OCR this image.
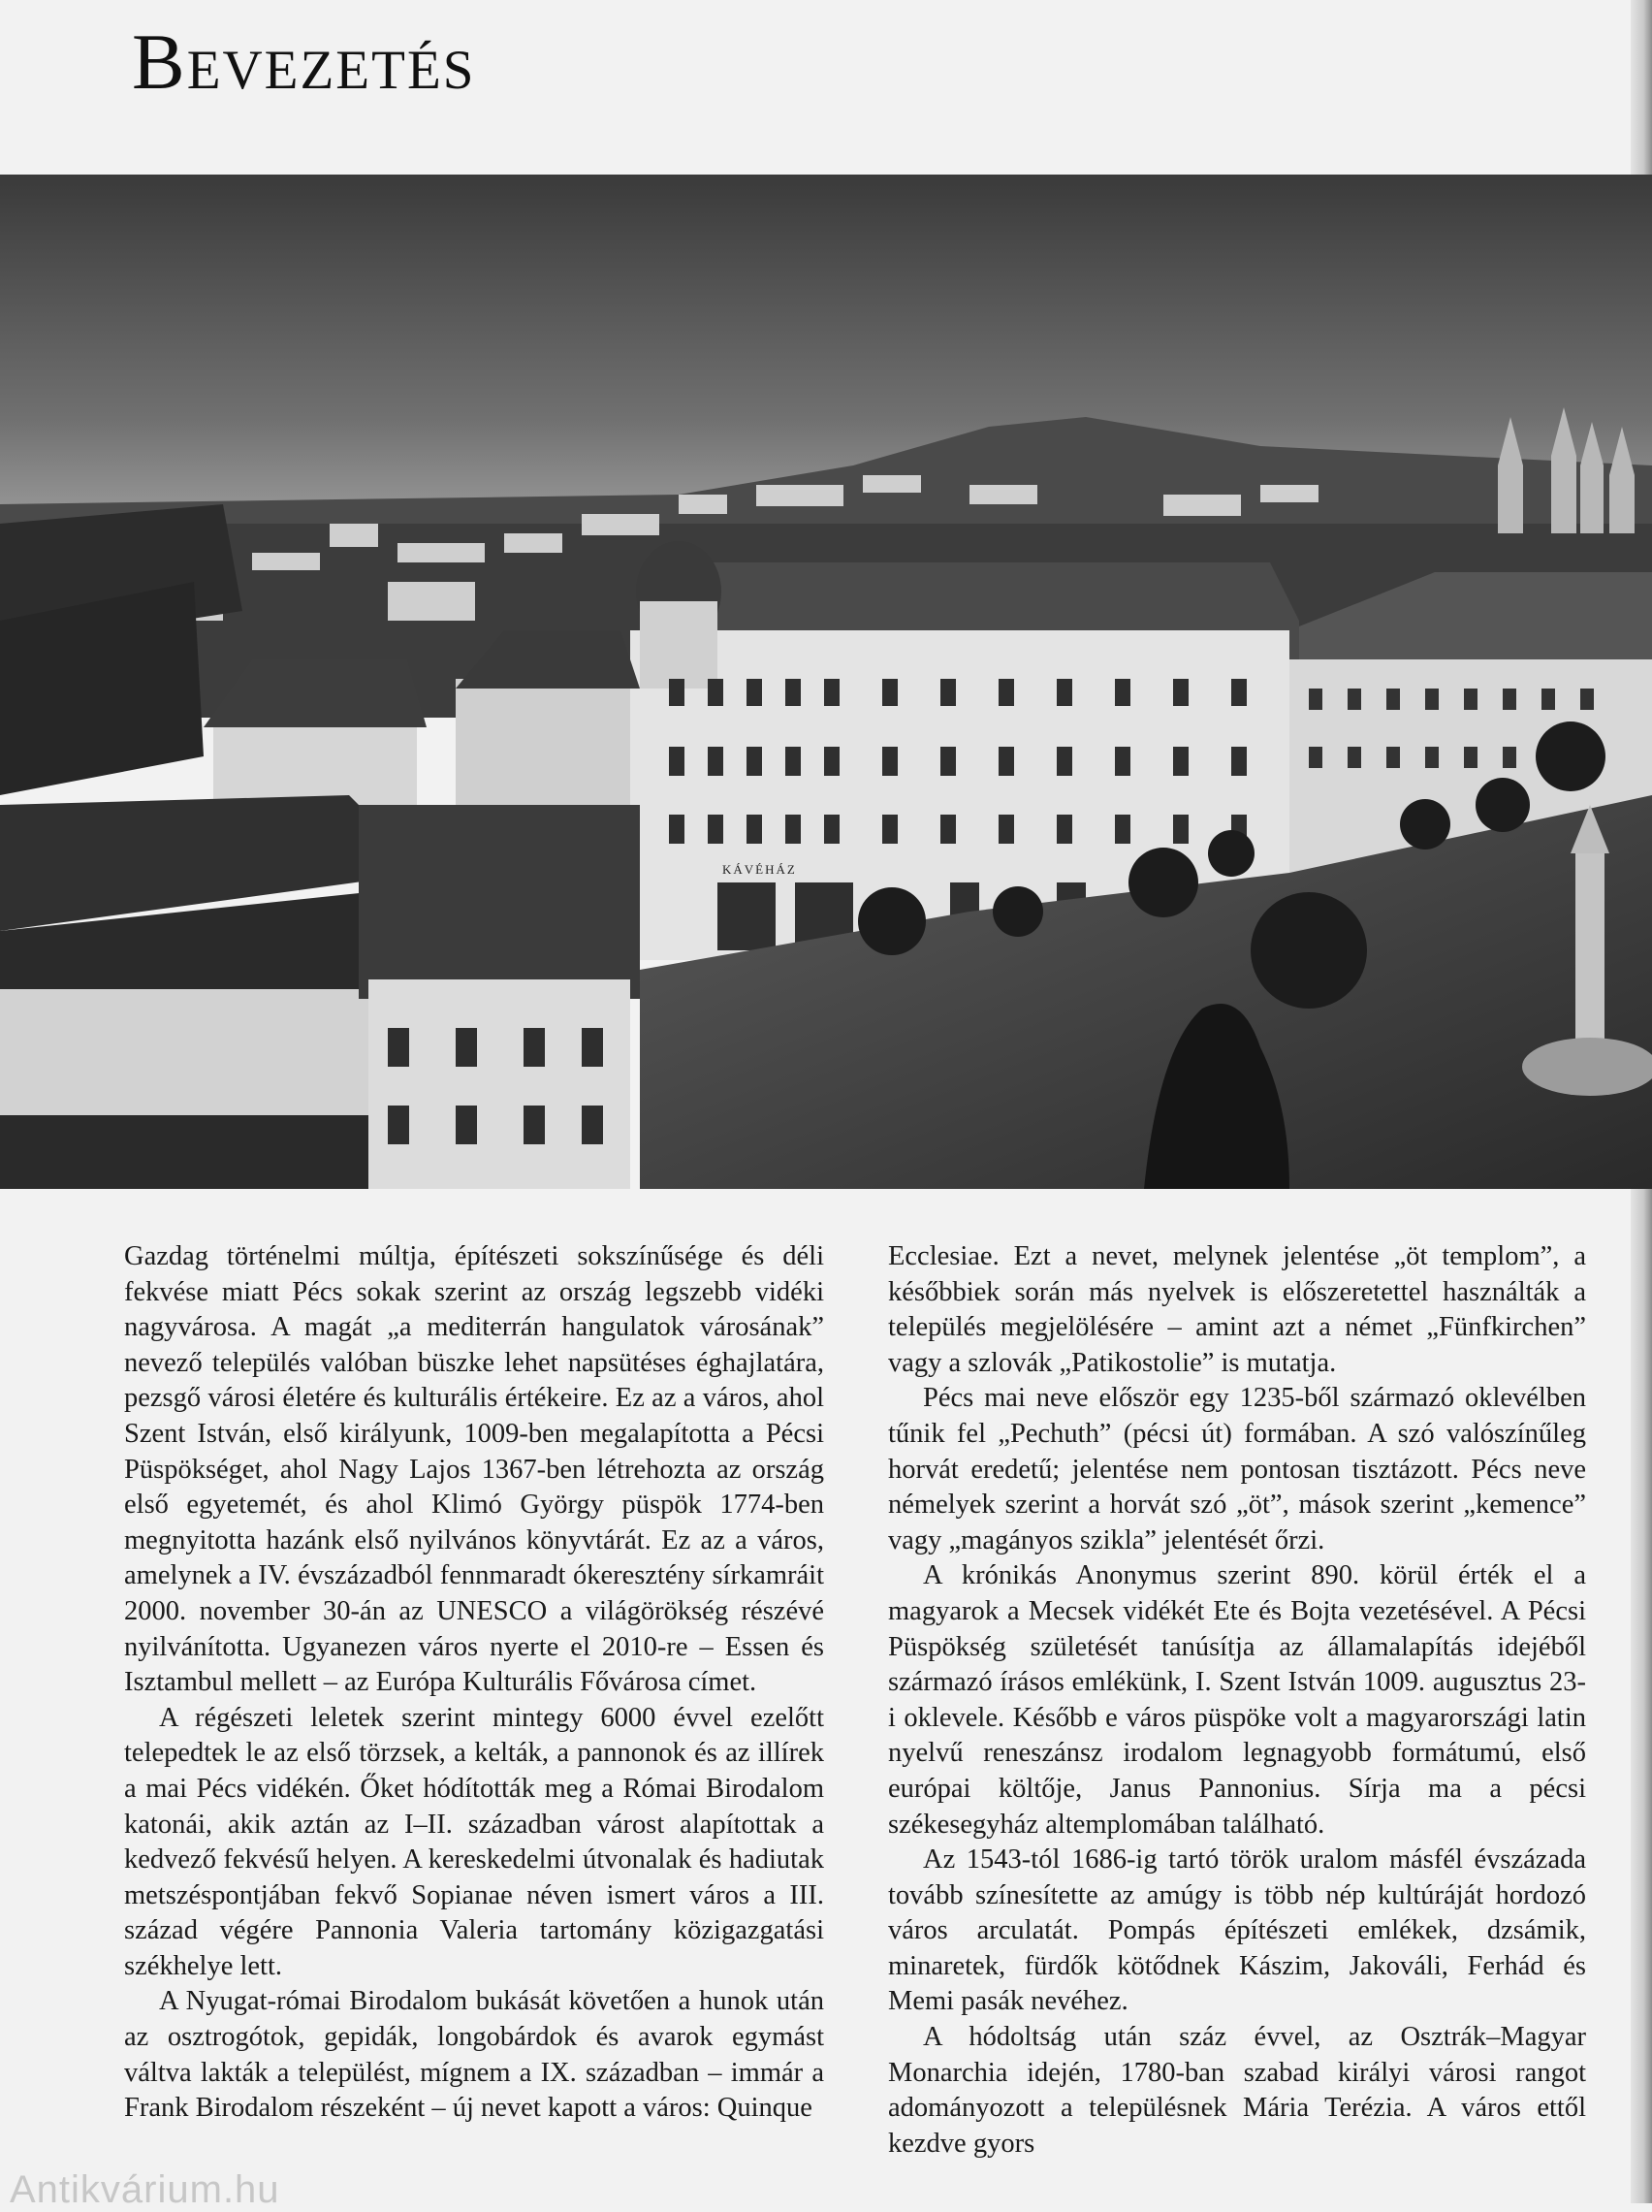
Bevezetés
KÁVÉHÁZ

Gazdag történelmi múltja, építészeti sokszínűsége és déli fekvése miatt Pécs sokak szerint az ország legszebb vidéki nagyvárosa. A magát „a mediterrán hangulatok városának” nevező település valóban büszke lehet napsütéses éghajlatára, pezsgő városi életére és kulturális értékeire. Ez az a város, ahol Szent István, első királyunk, 1009-ben megalapította a Pécsi Püspökséget, ahol Nagy Lajos 1367-ben létrehozta az ország első egyetemét, és ahol Klimó György püspök 1774-ben megnyitotta hazánk első nyilvános könyvtárát. Ez az a város, amelynek a IV. évszázadból fennmaradt ókeresztény sírkamráit 2000. november 30-án az UNESCO a világörökség részévé nyilvánította. Ugyanezen város nyerte el 2010-re – Essen és Isztambul mellett – az Európa Kulturális Fővárosa címet.

A régészeti leletek szerint mintegy 6000 évvel ezelőtt telepedtek le az első törzsek, a kelták, a pannonok és az illírek a mai Pécs vidékén. Őket hódították meg a Római Birodalom katonái, akik aztán az I–II. században várost alapítottak a kedvező fekvésű helyen. A kereskedelmi útvonalak és hadiutak metszéspontjában fekvő Sopianae néven ismert város a III. század végére Pannonia Valeria tartomány közigazgatási székhelye lett.

A Nyugat-római Birodalom bukását követően a hunok után az osztrogótok, gepidák, longobárdok és avarok egymást váltva lakták a települést, mígnem a IX. században – immár a Frank Birodalom részeként – új nevet kapott a város: Quinque

Ecclesiae. Ezt a nevet, melynek jelentése „öt templom”, a későbbiek során más nyelvek is előszeretettel használták a település megjelölésére – amint azt a német „Fünfkirchen” vagy a szlovák „Patikostolie” is mutatja.

Pécs mai neve először egy 1235-ből származó oklevélben tűnik fel „Pechuth” (pécsi út) formában. A szó valószínűleg horvát eredetű; jelentése nem pontosan tisztázott. Pécs neve némelyek szerint a horvát szó „öt”, mások szerint „kemence” vagy „magányos szikla” jelentését őrzi.

A krónikás Anonymus szerint 890. körül érték el a magyarok a Mecsek vidékét Ete és Bojta vezetésével. A Pécsi Püspökség születését tanúsítja az államalapítás idejéből származó írásos emlékünk, I. Szent István 1009. augusztus 23-i oklevele. Később e város püspöke volt a magyarországi latin nyelvű reneszánsz irodalom legnagyobb formátumú, első európai költője, Janus Pannonius. Sírja ma a pécsi székesegyház altemplomában található.

Az 1543-tól 1686-ig tartó török uralom másfél évszázada tovább színesítette az amúgy is több nép kultúráját hordozó város arculatát. Pompás építészeti emlékek, dzsámik, minaretek, fürdők kötődnek Kászim, Jakováli, Ferhád és Memi pasák nevéhez.

A hódoltság után száz évvel, az Osztrák–Magyar Monarchia idején, 1780-ban szabad királyi városi rangot adományozott a településnek Mária Terézia. A város ettől kezdve gyors

Antikvárium.hu
